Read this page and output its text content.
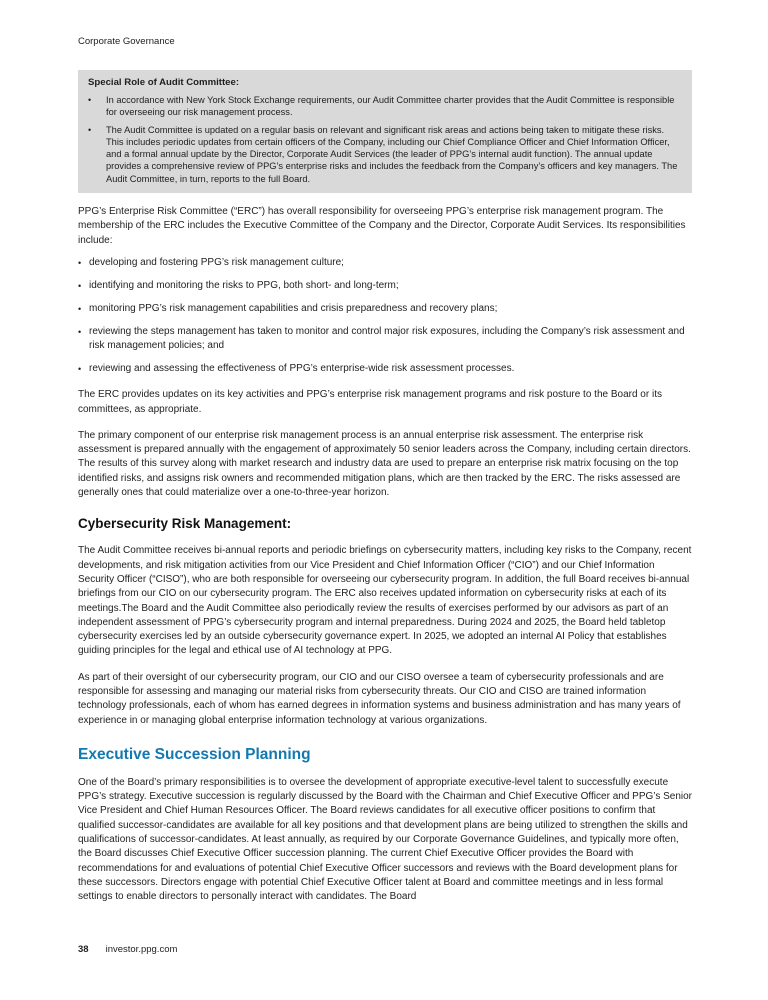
Corporate Governance
Special Role of Audit Committee:
•	In accordance with New York Stock Exchange requirements, our Audit Committee charter provides that the Audit Committee is responsible for overseeing our risk management process.
•	The Audit Committee is updated on a regular basis on relevant and significant risk areas and actions being taken to mitigate these risks. This includes periodic updates from certain officers of the Company, including our Chief Compliance Officer and Chief Information Officer, and a formal annual update by the Director, Corporate Audit Services (the leader of PPG’s internal audit function). The annual update provides a comprehensive review of PPG’s enterprise risks and includes the feedback from the Company’s officers and key managers. The Audit Committee, in turn, reports to the full Board.

PPG’s Enterprise Risk Committee (“ERC”) has overall responsibility for overseeing PPG’s enterprise risk management program. The membership of the ERC includes the Executive Committee of the Company and the Director, Corporate Audit Services. Its responsibilities include:

• developing and fostering PPG’s risk management culture;
• identifying and monitoring the risks to PPG, both short- and long-term;
• monitoring PPG’s risk management capabilities and crisis preparedness and recovery plans;
• reviewing the steps management has taken to monitor and control major risk exposures, including the Company’s risk assessment and risk management policies; and
• reviewing and assessing the effectiveness of PPG’s enterprise-wide risk assessment processes.

The ERC provides updates on its key activities and PPG’s enterprise risk management programs and risk posture to the Board or its committees, as appropriate.

The primary component of our enterprise risk management process is an annual enterprise risk assessment. The enterprise risk assessment is prepared annually with the engagement of approximately 50 senior leaders across the Company, including certain directors. The results of this survey along with market research and industry data are used to prepare an enterprise risk matrix focusing on the top identified risks, and assigns risk owners and recommended mitigation plans, which are then tracked by the ERC. The risks assessed are generally ones that could materialize over a one-to-three-year horizon.

Cybersecurity Risk Management:

The Audit Committee receives bi-annual reports and periodic briefings on cybersecurity matters, including key risks to the Company, recent developments, and risk mitigation activities from our Vice President and Chief Information Officer (“CIO”) and our Chief Information Security Officer (“CISO”), who are both responsible for overseeing our cybersecurity program. In addition, the full Board receives bi-annual briefings from our CIO on our cybersecurity program. The ERC also receives updated information on cybersecurity risks at each of its meetings.The Board and the Audit Committee also periodically review the results of exercises performed by our advisors as part of an independent assessment of PPG’s cybersecurity program and internal preparedness. During 2024 and 2025, the Board held tabletop cybersecurity exercises led by an outside cybersecurity governance expert. In 2025, we adopted an internal AI Policy that establishes guiding principles for the legal and ethical use of AI technology at PPG.

As part of their oversight of our cybersecurity program, our CIO and our CISO oversee a team of cybersecurity professionals and are responsible for assessing and managing our material risks from cybersecurity threats. Our CIO and CISO are trained information technology professionals, each of whom has earned degrees in information systems and business administration and has many years of experience in or managing global enterprise information technology at various organizations.

Executive Succession Planning

One of the Board’s primary responsibilities is to oversee the development of appropriate executive-level talent to successfully execute PPG’s strategy. Executive succession is regularly discussed by the Board with the Chairman and Chief Executive Officer and PPG’s Senior Vice President and Chief Human Resources Officer. The Board reviews candidates for all executive officer positions to confirm that qualified successor-candidates are available for all key positions and that development plans are being utilized to strengthen the skills and qualifications of successor-candidates. At least annually, as required by our Corporate Governance Guidelines, and typically more often, the Board discusses Chief Executive Officer succession planning. The current Chief Executive Officer provides the Board with recommendations for and evaluations of potential Chief Executive Officer successors and reviews with the Board development plans for these successors. Directors engage with potential Chief Executive Officer talent at Board and committee meetings and in less formal settings to enable directors to personally interact with candidates. The Board

38 investor.ppg.com
